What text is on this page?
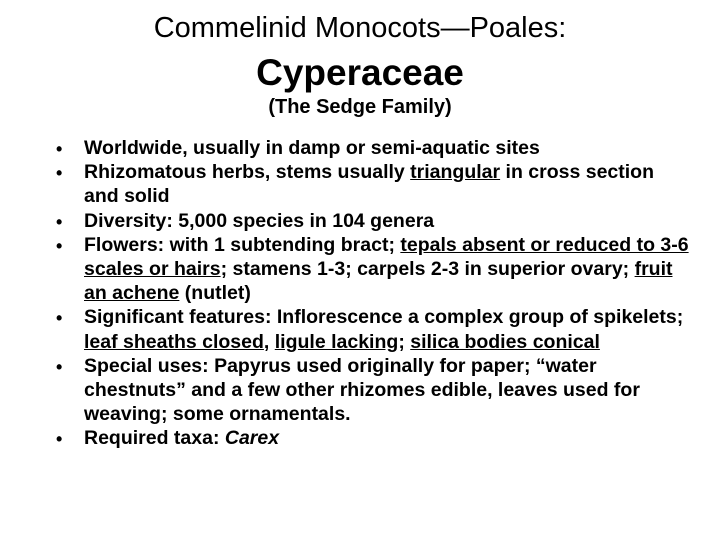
Commelinid Monocots—Poales:
Cyperaceae
(The Sedge Family)
• Worldwide, usually in damp or semi-aquatic sites
• Rhizomatous herbs, stems usually triangular in cross section and solid
• Diversity: 5,000 species in 104 genera
• Flowers: with 1 subtending bract; tepals absent or reduced to 3-6 scales or hairs; stamens 1-3; carpels 2-3 in superior ovary; fruit an achene (nutlet)
• Significant features: Inflorescence a complex group of spikelets; leaf sheaths closed, ligule lacking; silica bodies conical
• Special uses: Papyrus used originally for paper; “water chestnuts” and a few other rhizomes edible, leaves used for weaving; some ornamentals.
• Required taxa: Carex
